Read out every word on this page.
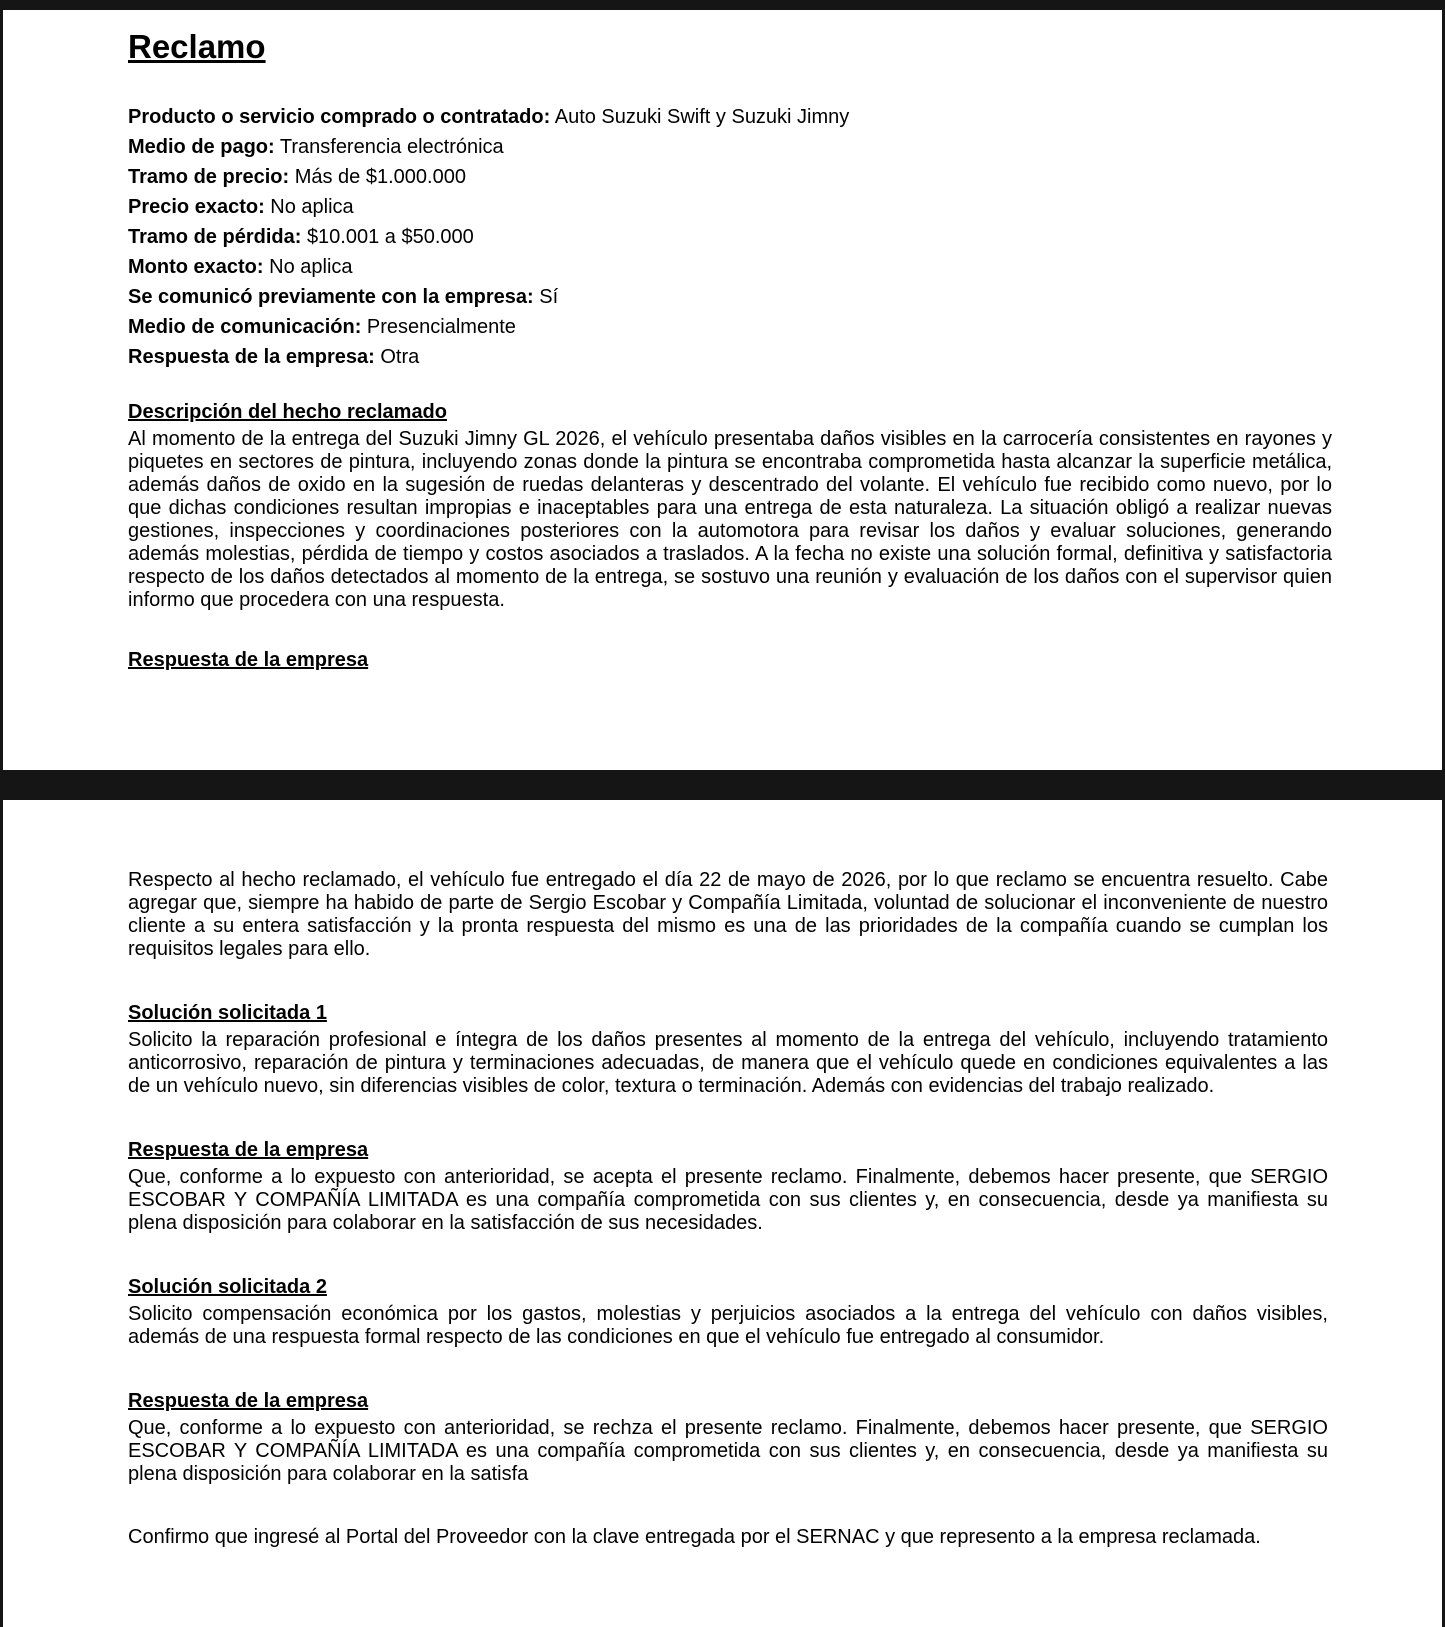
Reclamo

Producto o servicio comprado o contratado: Auto Suzuki Swift y Suzuki Jimny

Medio de pago: Transferencia electrónica

Tramo de precio: Más de $1.000.000

Precio exacto: No aplica

Tramo de pérdida: $10.001 a $50.000

Monto exacto: No aplica

Se comunicó previamente con la empresa: Sí

Medio de comunicación: Presencialmente

Respuesta de la empresa: Otra

Descripción del hecho reclamado

Al momento de la entrega del Suzuki Jimny GL 2026, el vehículo presentaba daños visibles en la carrocería consistentes en rayones y piquetes en sectores de pintura, incluyendo zonas donde la pintura se encontraba comprometida hasta alcanzar la superficie metálica, además daños de oxido en la sugesión de ruedas delanteras y descentrado del volante. El vehículo fue recibido como nuevo, por lo que dichas condiciones resultan impropias e inaceptables para una entrega de esta naturaleza. La situación obligó a realizar nuevas gestiones, inspecciones y coordinaciones posteriores con la automotora para revisar los daños y evaluar soluciones, generando además molestias, pérdida de tiempo y costos asociados a traslados. A la fecha no existe una solución formal, definitiva y satisfactoria respecto de los daños detectados al momento de la entrega, se sostuvo una reunión y evaluación de los daños con el supervisor quien informo que procedera con una respuesta.

Respuesta de la empresa

Respecto al hecho reclamado, el vehículo fue entregado el día 22 de mayo de 2026, por lo que reclamo se encuentra resuelto. Cabe agregar que, siempre ha habido de parte de Sergio Escobar y Compañía Limitada, voluntad de solucionar el inconveniente de nuestro cliente a su entera satisfacción y la pronta respuesta del mismo es una de las prioridades de la compañía cuando se cumplan los requisitos legales para ello.

Solución solicitada 1

Solicito la reparación profesional e íntegra de los daños presentes al momento de la entrega del vehículo, incluyendo tratamiento anticorrosivo, reparación de pintura y terminaciones adecuadas, de manera que el vehículo quede en condiciones equivalentes a las de un vehículo nuevo, sin diferencias visibles de color, textura o terminación. Además con evidencias del trabajo realizado.

Respuesta de la empresa

Que, conforme a lo expuesto con anterioridad, se acepta el presente reclamo. Finalmente, debemos hacer presente, que SERGIO ESCOBAR Y COMPAÑÍA LIMITADA es una compañía comprometida con sus clientes y, en consecuencia, desde ya manifiesta su plena disposición para colaborar en la satisfacción de sus necesidades.

Solución solicitada 2

Solicito compensación económica por los gastos, molestias y perjuicios asociados a la entrega del vehículo con daños visibles, además de una respuesta formal respecto de las condiciones en que el vehículo fue entregado al consumidor.

Respuesta de la empresa

Que, conforme a lo expuesto con anterioridad, se rechza el presente reclamo. Finalmente, debemos hacer presente, que SERGIO ESCOBAR Y COMPAÑÍA LIMITADA es una compañía comprometida con sus clientes y, en consecuencia, desde ya manifiesta su plena disposición para colaborar en la satisfa

Confirmo que ingresé al Portal del Proveedor con la clave entregada por el SERNAC y que represento a la empresa reclamada.
